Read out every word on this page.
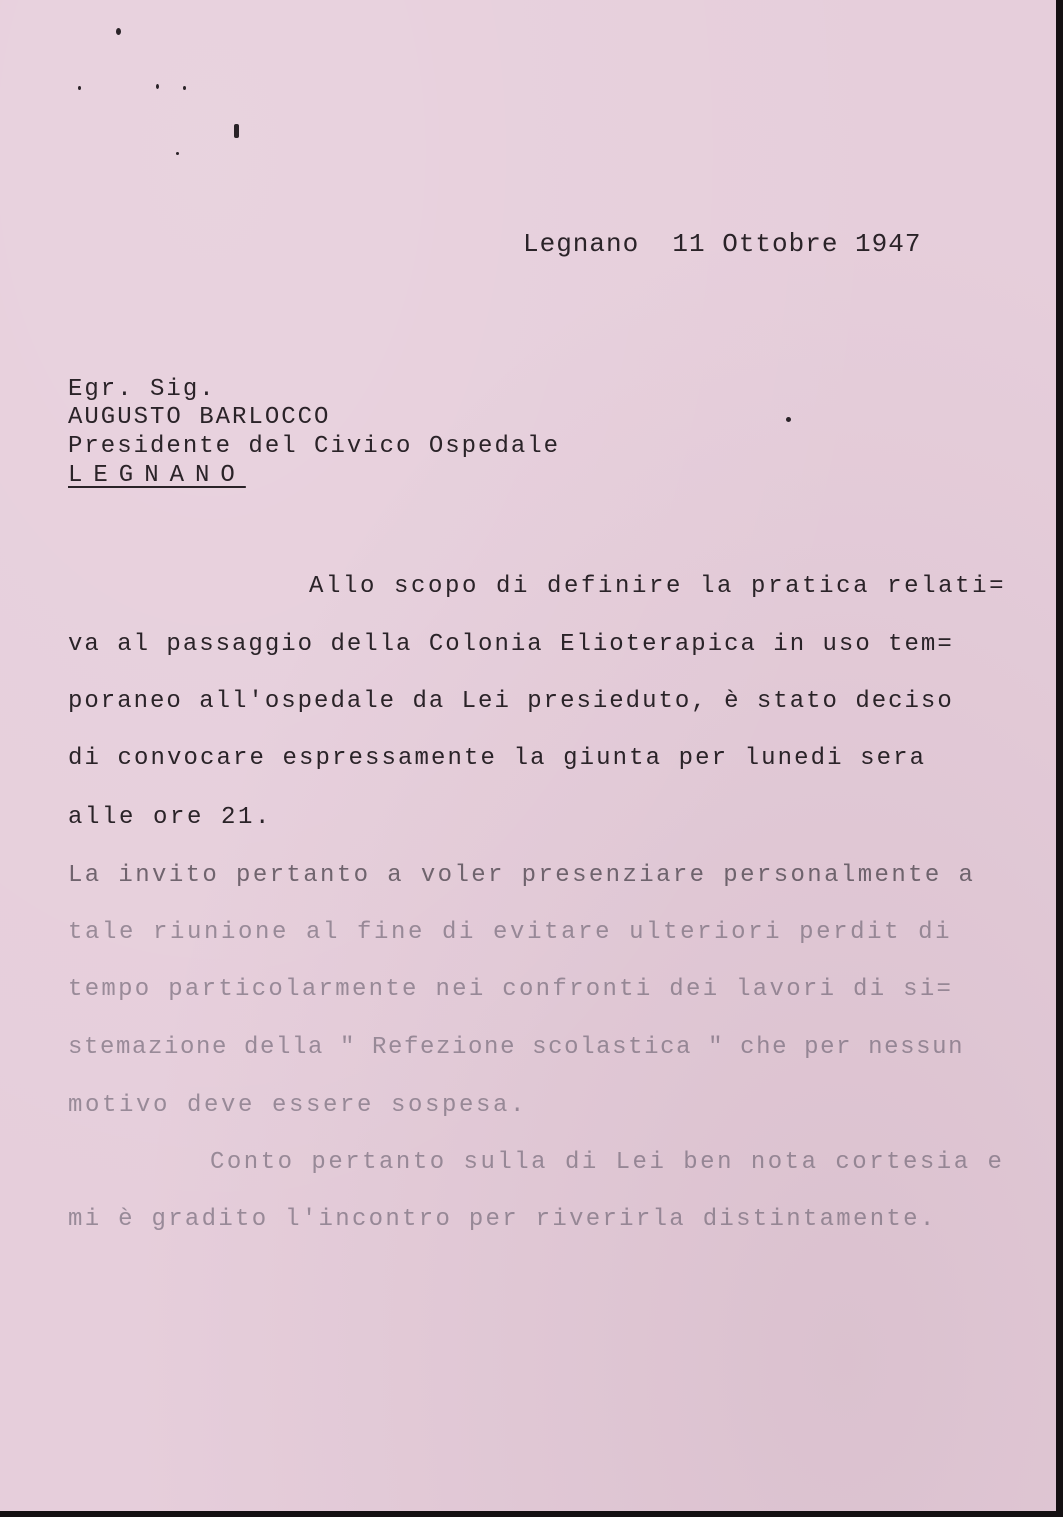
Legnano  11 Ottobre 1947
Egr. Sig.
AUGUSTO BARLOCCO
Presidente del Civico Ospedale
LEGNANO
Allo scopo di definire la pratica relati=
va al passaggio della Colonia Elioterapica in uso tem=
poraneo all'ospedale da Lei presieduto, è stato deciso
di convocare espressamente la giunta per lunedi sera
alle ore 21.
La invito pertanto a voler presenziare personalmente a
tale riunione al fine di evitare ulteriori perdit di
tempo particolarmente nei confronti dei lavori di si=
stemazione della " Refezione scolastica " che per nessun
motivo deve essere sospesa.
Conto pertanto sulla di Lei ben nota cortesia e
mi è gradito l'incontro per riverirla distintamente.
